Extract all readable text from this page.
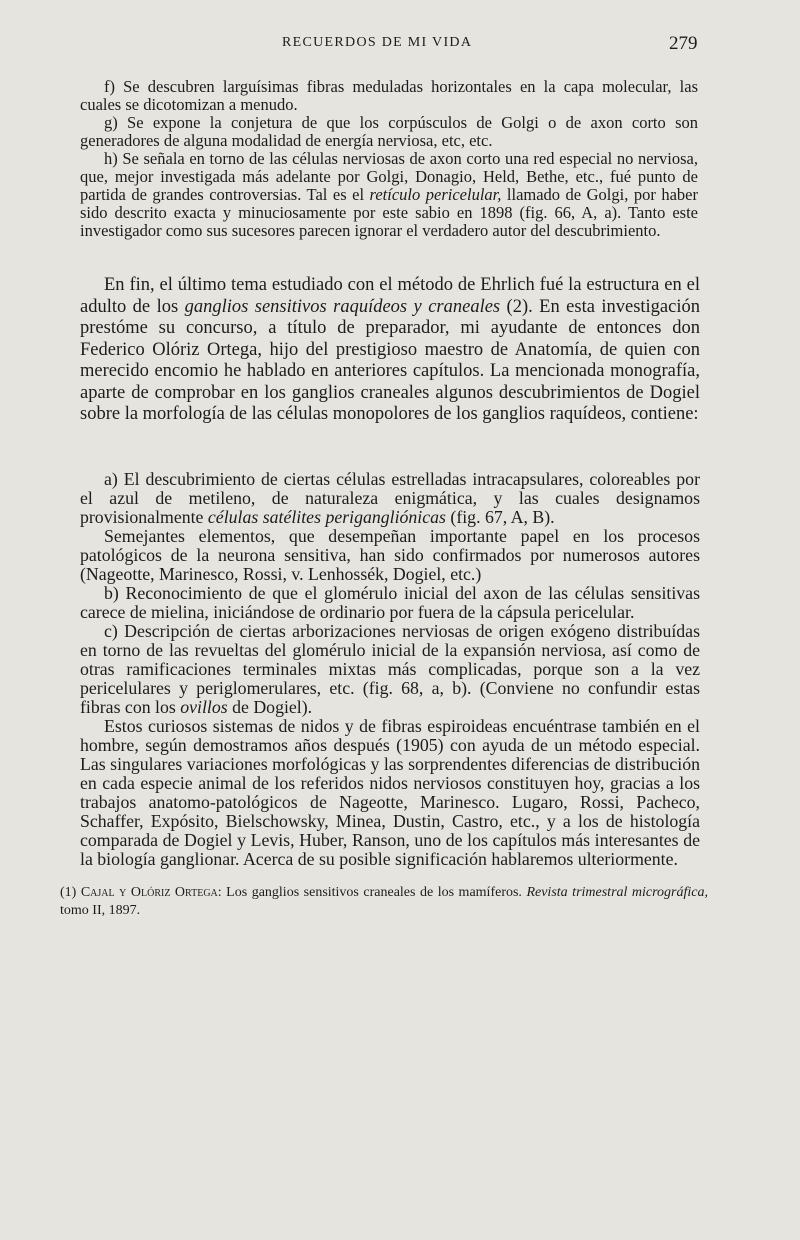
RECUERDOS DE MI VIDA	279

f) Se descubren larguísimas fibras meduladas horizontales en la capa molecular, las cuales se dicotomizan a menudo.

g) Se expone la conjetura de que los corpúsculos de Golgi o de axon corto son generadores de alguna modalidad de energía nerviosa, etc, etc.

h) Se señala en torno de las células nerviosas de axon corto una red especial no nerviosa, que, mejor investigada más adelante por Golgi, Donagio, Held, Bethe, etc., fué punto de partida de grandes controversias. Tal es el retículo pericelular, llamado de Golgi, por haber sido descrito exacta y minuciosamente por este sabio en 1898 (fig. 66, A, a). Tanto este investigador como sus sucesores parecen ignorar el verdadero autor del descubrimiento.

En fin, el último tema estudiado con el método de Ehrlich fué la estructura en el adulto de los ganglios sensitivos raquídeos y craneales (2). En esta investigación prestóme su concurso, a título de preparador, mi ayudante de entonces don Federico Olóriz Ortega, hijo del prestigioso maestro de Anatomía, de quien con merecido encomio he hablado en anteriores capítulos. La mencionada monografía, aparte de comprobar en los ganglios craneales algunos descubrimientos de Dogiel sobre la morfología de las células monopolores de los ganglios raquídeos, contiene:

a) El descubrimiento de ciertas células estrelladas intracapsulares, coloreables por el azul de metileno, de naturaleza enigmática, y las cuales designamos provisionalmente células satélites perigangliónicas (fig. 67, A, B).

Semejantes elementos, que desempeñan importante papel en los procesos patológicos de la neurona sensitiva, han sido confirmados por numerosos autores (Nageotte, Marinesco, Rossi, v. Lenhossék, Dogiel, etc.)

b) Reconocimiento de que el glomérulo inicial del axon de las células sensitivas carece de mielina, iniciándose de ordinario por fuera de la cápsula pericelular.

c) Descripción de ciertas arborizaciones nerviosas de origen exógeno distribuídas en torno de las revueltas del glomérulo inicial de la expansión nerviosa, así como de otras ramificaciones terminales mixtas más complicadas, porque son a la vez pericelulares y periglomerulares, etc. (fig. 68, a, b). (Conviene no confundir estas fibras con los ovillos de Dogiel).

Estos curiosos sistemas de nidos y de fibras espiroideas encuéntrase también en el hombre, según demostramos años después (1905) con ayuda de un método especial. Las singulares variaciones morfológicas y las sorprendentes diferencias de distribución en cada especie animal de los referidos nidos nerviosos constituyen hoy, gracias a los trabajos anatomo-patológicos de Nageotte, Marinesco. Lugaro, Rossi, Pacheco, Schaffer, Expósito, Bielschowsky, Minea, Dustin, Castro, etc., y a los de histología comparada de Dogiel y Levis, Huber, Ranson, uno de los capítulos más interesantes de la biología ganglionar. Acerca de su posible significación hablaremos ulteriormente.

(1) Cajal y Olóriz Ortega: Los ganglios sensitivos craneales de los mamíferos. Revista trimestral micrográfica, tomo II, 1897.
